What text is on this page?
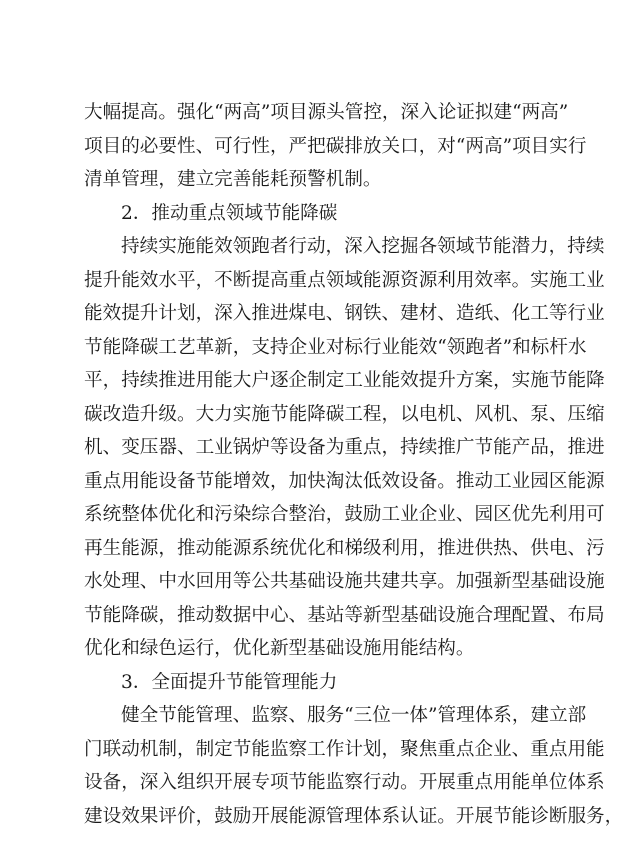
大幅提高。强化“两高”项目源头管控，深入论证拟建“两高”
项目的必要性、可行性，严把碳排放关口，对“两高”项目实行
清单管理，建立完善能耗预警机制。
2．推动重点领域节能降碳
持续实施能效领跑者行动，深入挖掘各领域节能潜力，持续
提升能效水平，不断提高重点领域能源资源利用效率。实施工业
能效提升计划，深入推进煤电、钢铁、建材、造纸、化工等行业
节能降碳工艺革新，支持企业对标行业能效“领跑者”和标杆水
平，持续推进用能大户逐企制定工业能效提升方案，实施节能降
碳改造升级。大力实施节能降碳工程，以电机、风机、泵、压缩
机、变压器、工业锅炉等设备为重点，持续推广节能产品，推进
重点用能设备节能增效，加快淘汰低效设备。推动工业园区能源
系统整体优化和污染综合整治，鼓励工业企业、园区优先利用可
再生能源，推动能源系统优化和梯级利用，推进供热、供电、污
水处理、中水回用等公共基础设施共建共享。加强新型基础设施
节能降碳，推动数据中心、基站等新型基础设施合理配置、布局
优化和绿色运行，优化新型基础设施用能结构。
3．全面提升节能管理能力
健全节能管理、监察、服务“三位一体”管理体系，建立部
门联动机制，制定节能监察工作计划，聚焦重点企业、重点用能
设备，深入组织开展专项节能监察行动。开展重点用能单位体系
建设效果评价，鼓励开展能源管理体系认证。开展节能诊断服务，
